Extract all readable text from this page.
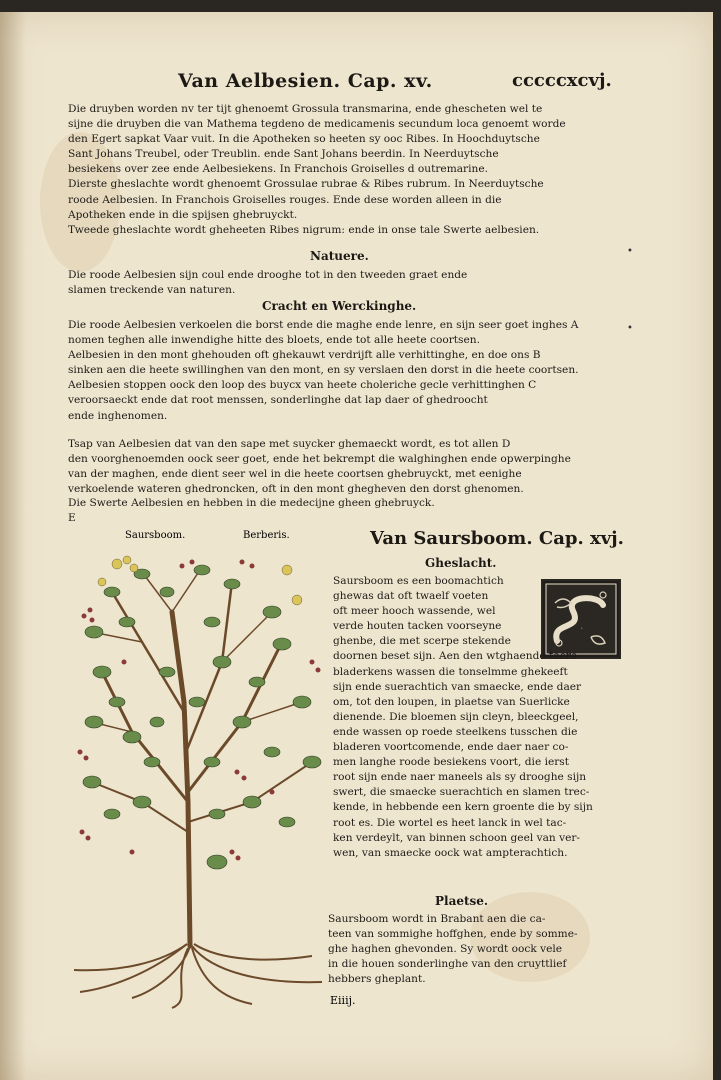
cccccxcvj.
Van Aelbesien. Cap. xv.
Die druyben worden nv ter tijt ghenoemt Grossula transmarina, ende ghescheten wel te
sijne die druyben die van Mathema tegdeno de medicamenis secundum loca genoemt worde
den Egert sapkat Vaar vuit. In die Apotheken so heeten sy ooc Ribes. In Hoochduytsche
Sant Johans Treubel, oder Treublin. ende Sant Johans beerdin. In Neerduytsche
besiekens over zee ende Aelbesiekens. In Franchois Groiselles d outremarine.
Dierste gheslachte wordt ghenoemt Grossulae rubrae & Ribes rubrum. In Neerduytsche
roode Aelbesien. In Franchois Groiselles rouges. Ende dese worden alleen in die
Apotheken ende in die spijsen ghebruyckt.
Tweede gheslachte wordt gheheeten Ribes nigrum: ende in onse tale Swerte aelbesien.
Natuere.
Die roode Aelbesien sijn coul ende drooghe tot in den tweeden graet ende
slamen treckende van naturen.
Cracht en Werckinghe.
Die roode Aelbesien verkoelen die borst ende die maghe ende lenre, en sijn seer goet inghes A
nomen teghen alle inwendighe hitte des bloets, ende tot alle heete coortsen.
Aelbesien in den mont ghehouden oft ghekauwt verdrijft alle verhittinghe, en doe ons B
sinken aen die heete swillinghen van den mont, en sy verslaen den dorst in die heete coortsen.
Aelbesien stoppen oock den loop des buycx van heete choleriche gecle verhittinghen C
veroorsaeckt ende dat root menssen, sonderlinghe dat lap daer of ghedroocht
ende inghenomen.
Tsap van Aelbesien dat van den sape met suycker ghemaeckt wordt, es tot allen D
den voorghenoemden oock seer goet, ende het bekrempt die walghinghen ende opwerpinghe
van der maghen, ende dient seer wel in die heete coortsen ghebruyckt, met eenighe
verkoelende wateren ghedroncken, oft in den mont ghegheven den dorst ghenomen.
Die Swerte Aelbesien en hebben in die medecijne gheen ghebruyck.
E
Van Saursboom. Cap. xvj.
Saursboom.	Berberis.
Gheslacht.
S
Saursboom es een boomachtich
ghewas dat oft twaelf voeten
oft meer hooch wassende, wel
verde houten tacken voorseyne
ghenbe, die met scerpe stekende
doornen beset sijn. Aen den wtghaende teere
bladerkens wassen die tonselmme ghekeeft
sijn ende suerachtich van smaecke, ende daer
om, tot den loupen, in plaetse van Suerlicke
dienende. Die bloemen sijn cleyn, bleeckgeel,
ende wassen op roede steelkens tusschen die
bladeren voortcomende, ende daer naer co-
men langhe roode besiekens voort, die ierst
root sijn ende naer maneels als sy drooghe sijn
swert, die smaecke suerachtich en slamen trec-
kende, in hebbende een kern groente die by sijn
root es. Die wortel es heet lanck in wel tac-
ken verdeylt, van binnen schoon geel van ver-
wen, van smaecke oock wat ampterachtich.
Plaetse.
Saursboom wordt in Brabant aen die ca-
teen van sommighe hoffghen, ende by somme-
ghe haghen ghevonden. Sy wordt oock vele
in die houen sonderlinghe van den cruyttlief
hebbers gheplant.
Eiiij.
•
•
